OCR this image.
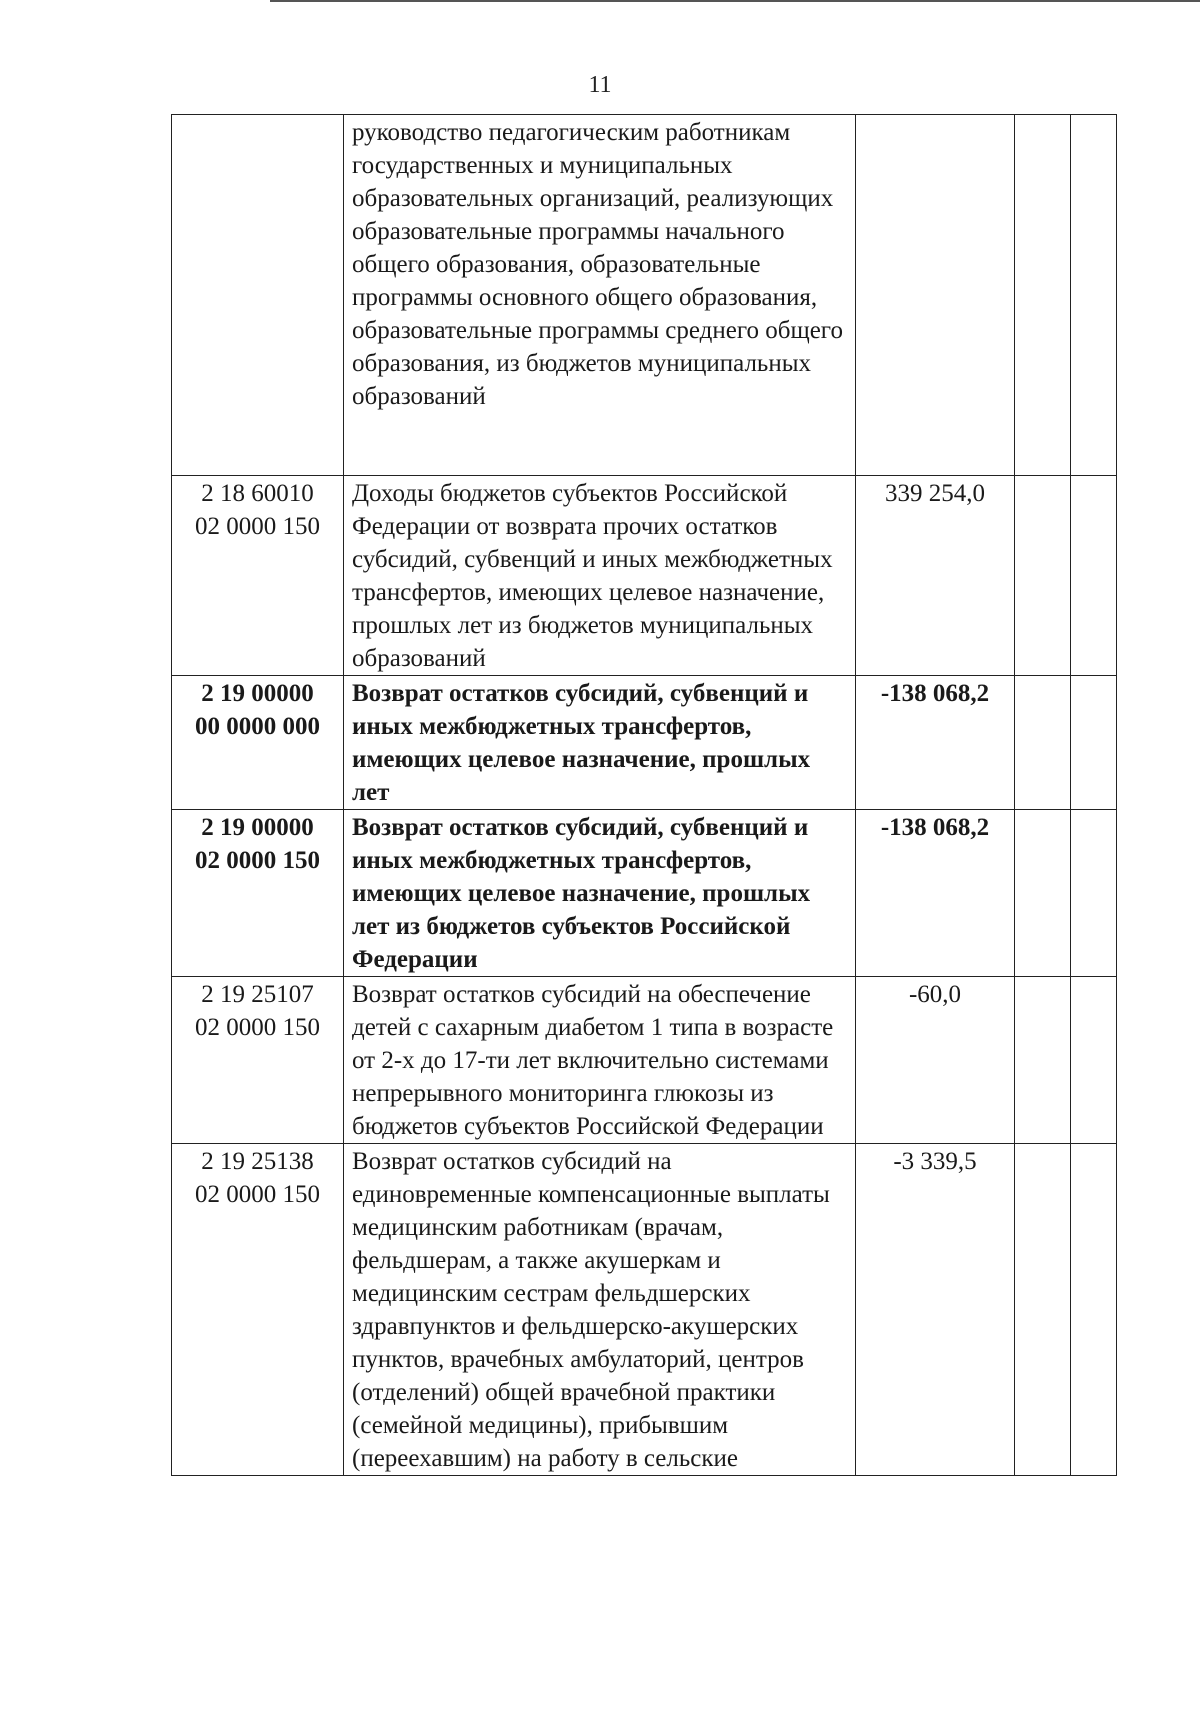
11

	руководство педагогическим работникам государственных и муниципальных образовательных организаций, реализующих образовательные программы начального общего образования, образовательные программы основного общего образования, образовательные программы среднего общего образования, из бюджетов муниципальных образований			

2 18 60010
02 0000 150	Доходы бюджетов субъектов Российской Федерации от возврата прочих остатков субсидий, субвенций и иных межбюджетных трансфертов, имеющих целевое назначение, прошлых лет из бюджетов муниципальных образований	339 254,0		
2 19 00000
00 0000 000	Возврат остатков субсидий, субвенций и иных межбюджетных трансфертов, имеющих целевое назначение, прошлых лет	-138 068,2		
2 19 00000
02 0000 150	Возврат остатков субсидий, субвенций и иных межбюджетных трансфертов, имеющих целевое назначение, прошлых лет из бюджетов субъектов Российской Федерации	-138 068,2		
2 19 25107
02 0000 150	Возврат остатков субсидий на обеспечение детей с сахарным диабетом 1 типа в возрасте от 2-х до 17-ти лет включительно системами непрерывного мониторинга глюкозы из бюджетов субъектов Российской Федерации	-60,0		
2 19 25138
02 0000 150	Возврат остатков субсидий на единовременные компенсационные выплаты медицинским работникам (врачам, фельдшерам, а также акушеркам и медицинским сестрам фельдшерских здравпунктов и фельдшерско-акушерских пунктов, врачебных амбулаторий, центров (отделений) общей врачебной практики (семейной медицины), прибывшим (переехавшим) на работу в сельские	-3 339,5		
